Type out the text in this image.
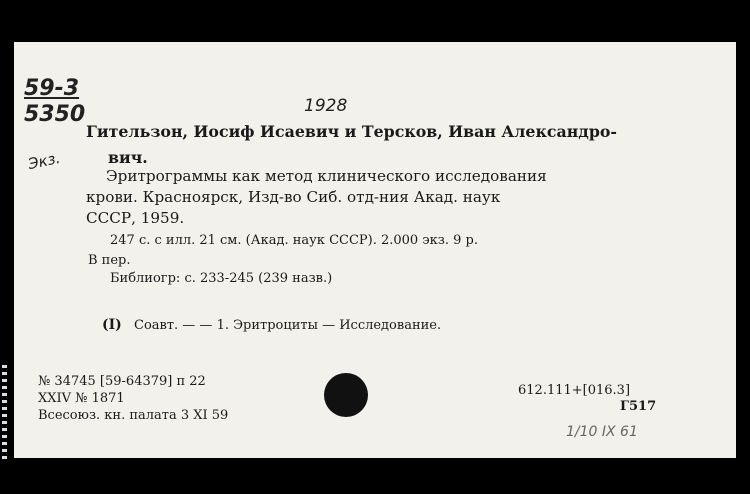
59-3
5350	1928
Экз.
Гительзон, Иосиф Исаевич и Терсков, Иван Александро-
вич.
Эритрограммы как метод клинического исследования
крови. Красноярск, Изд-во Сиб. отд-ния Акад. наук
СССР, 1959.
247 с. с илл. 21 см. (Акад. наук СССР). 2.000 экз. 9 р.
В пер.
Библиогр: с. 233-245 (239 назв.)
(I) Соавт. — — 1. Эритроциты — Исследование.
№ 34745 [59-64379] п 22
XXIV № 1871
Всесоюз. кн. палата 3 XI 59
612.111+[016.3]
Г517
1/10 IX 61
